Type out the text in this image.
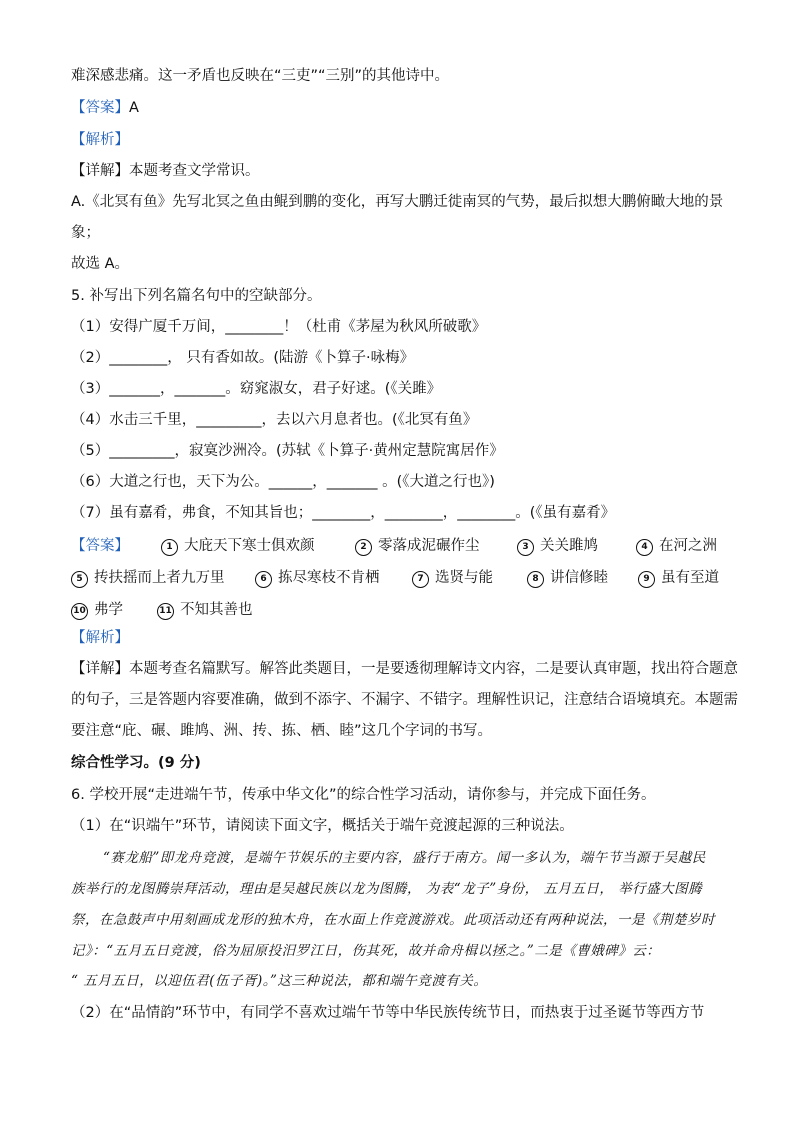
难深感悲痛。这一矛盾也反映在“三吏”“三别”的其他诗中。
【答案】A
【解析】
【详解】本题考查文学常识。
A.《北冥有鱼》先写北冥之鱼由鲲到鹏的变化，再写大鹏迁徙南冥的气势，最后拟想大鹏俯瞰大地的景
象；
故选 A。
5. 补写出下列名篇名句中的空缺部分。
（1）安得广厦千万间，________！（杜甫《茅屋为秋风所破歌》
（2）________， 只有香如故。(陆游《卜算子·咏梅》
（3）_______，_______。窈窕淑女，君子好逑。(《关雎》
（4）水击三千里，_________，去以六月息者也。(《北冥有鱼》
（5）_________，寂寞沙洲冷。(苏轼《卜算子·黄州定慧院寓居作》
（6）大道之行也，天下为公。______，_______ 。(《大道之行也》)
（7）虽有嘉肴，弗食，不知其旨也；________，________，________。(《虽有嘉肴》
【答案】	1 大庇天下寒士俱欢颜	2 零落成泥碾作尘	3 关关雎鸠	4 在河之洲
5 抟扶摇而上者九万里	6 拣尽寒枝不肯栖	7 选贤与能	8 讲信修睦	9 虽有至道
10 弗学	11 不知其善也
【解析】
【详解】本题考查名篇默写。解答此类题目，一是要透彻理解诗文内容，二是要认真审题，找出符合题意
的句子，三是答题内容要准确，做到不添字、不漏字、不错字。理解性识记，注意结合语境填充。本题需
要注意“庇、碾、雎鸠、洲、抟、拣、栖、睦”这几个字词的书写。
综合性学习。(9 分)
6. 学校开展“走进端午节，传承中华文化”的综合性学习活动，请你参与，并完成下面任务。
（1）在“识端午”环节，请阅读下面文字，概括关于端午竞渡起源的三种说法。
“赛龙船”即龙舟竞渡，是端午节娱乐的主要内容，盛行于南方。闻一多认为，端午节当源于吴越民
族举行的龙图腾崇拜活动，理由是吴越民族以龙为图腾， 为表“龙子”身份， 五月五日， 举行盛大图腾
祭，在急鼓声中用刻画成龙形的独木舟，在水面上作竞渡游戏。此项活动还有两种说法，一是《荆楚岁时
记》：“五月五日竞渡，俗为屈原投汨罗江日，伤其死，故并命舟楫以拯之。”二是《曹娥碑》云：
“ 五月五日，以迎伍君(伍子胥)。”这三种说法，都和端午竞渡有关。
（2）在“品情韵”环节中，有同学不喜欢过端午节等中华民族传统节日，而热衷于过圣诞节等西方节
